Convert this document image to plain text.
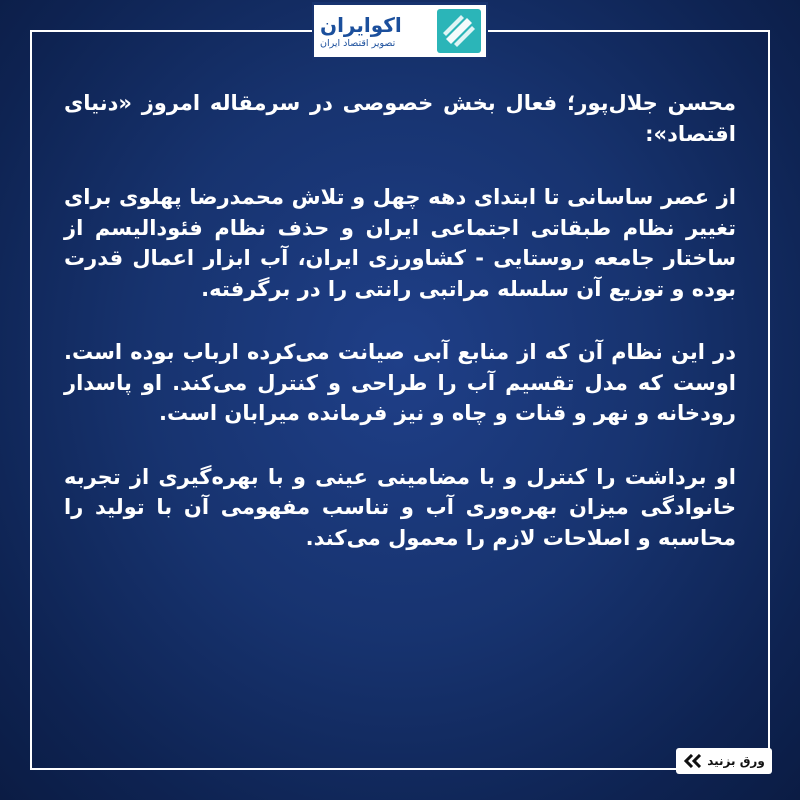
اکوایران
تصویر اقتصاد ایران

محسن جلال‌پور؛ فعال بخش خصوصی در سرمقاله امروز «دنیای اقتصاد»:

از عصر ساسانی تا ابتدای دهه چهل و تلاش محمدرضا پهلوی برای تغییر نظام طبقاتی اجتماعی ایران و حذف نظام فئودالیسم از ساختار جامعه روستایی - کشاورزی ایران، آب ابزار اعمال قدرت بوده و توزیع آن سلسله مراتبی رانتی را در برگرفته.

در این نظام آن که از منابع آبی صیانت می‌کرده ارباب بوده است. اوست که مدل تقسیم آب را طراحی و کنترل می‌کند. او پاسدار رودخانه و نهر و قنات و چاه و نیز فرمانده میرابان است.

او برداشت را کنترل و با مضامینی عینی و با بهره‌گیری از تجربه خانوادگی میزان بهره‌وری آب و تناسب مفهومی آن با تولید را محاسبه و اصلاحات لازم را معمول می‌کند.

ورق بزنید
